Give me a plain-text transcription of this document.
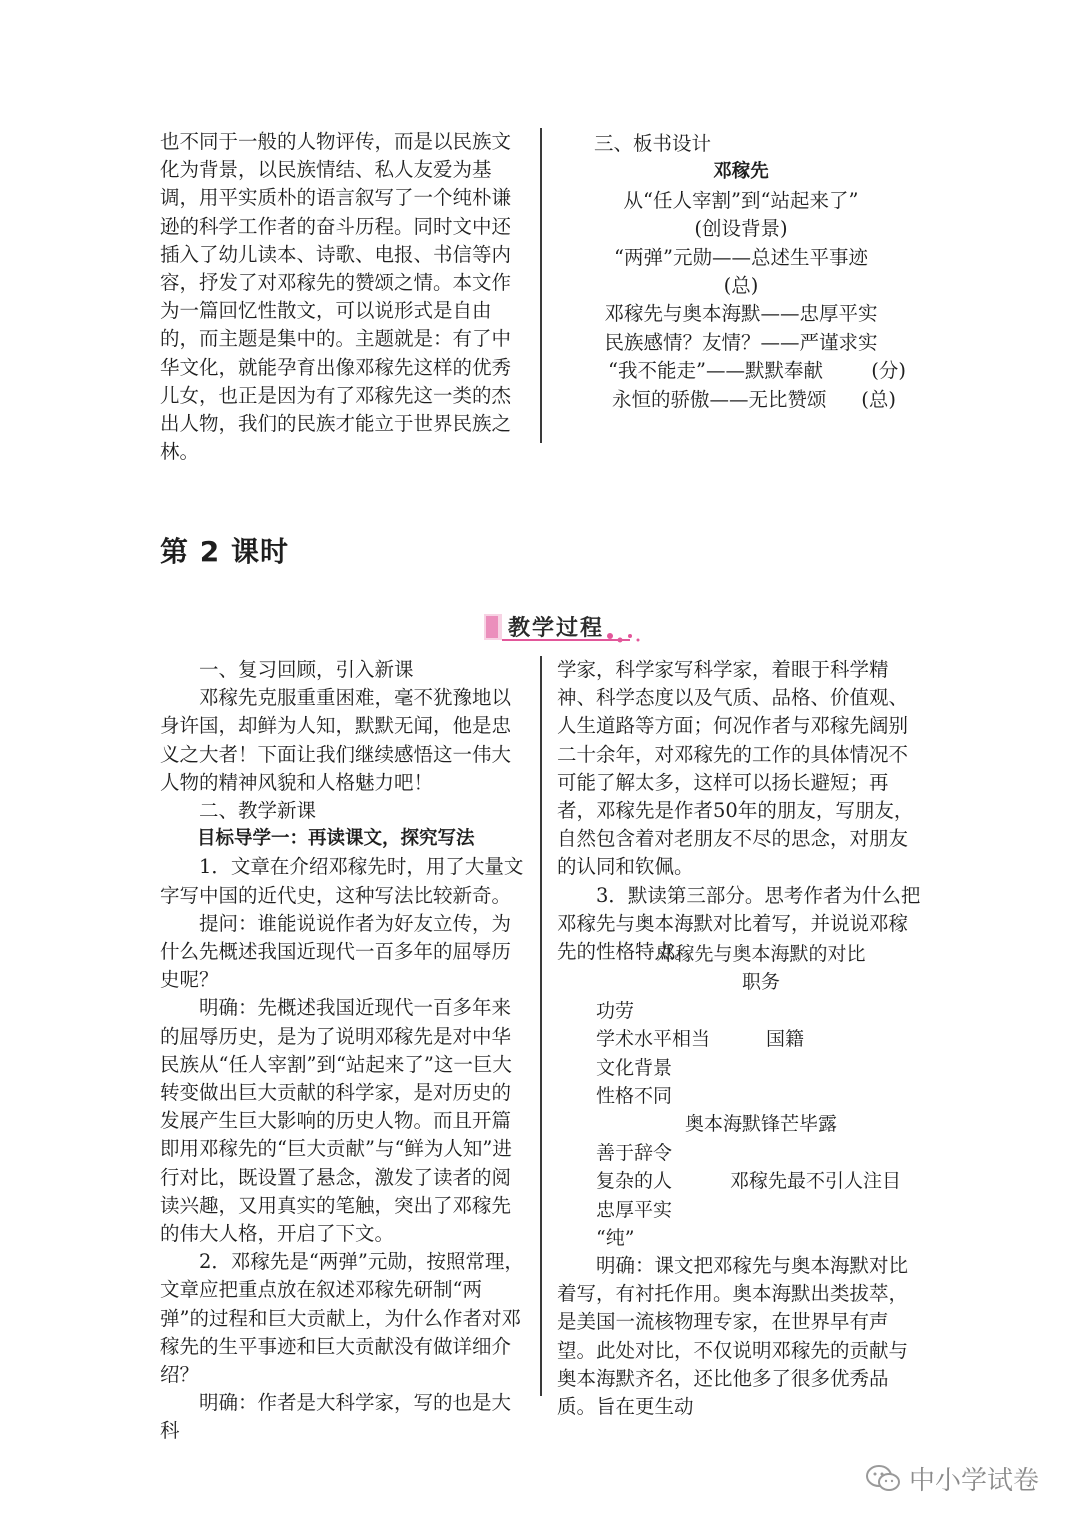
也不同于一般的人物评传，而是以民族文化为背景，以民族情结、私人友爱为基调，用平实质朴的语言叙写了一个纯朴谦逊的科学工作者的奋斗历程。同时文中还插入了幼儿读本、诗歌、电报、书信等内容，抒发了对邓稼先的赞颂之情。本文作为一篇回忆性散文，可以说形式是自由的，而主题是集中的。主题就是：有了中华文化，就能孕育出像邓稼先这样的优秀儿女，也正是因为有了邓稼先这一类的杰出人物，我们的民族才能立于世界民族之林。

三、板书设计

邓稼先

从“任人宰割”到“站起来了”

(创设背景)

“两弹”元勋——总述生平事迹

(总)

邓稼先与奥本海默——忠厚平实

民族感情？友情？——严谨求实

“我不能走”——默默奉献 (分)
永恒的骄傲——无比赞颂 (总)
第 2 课时
教学过程

一、复习回顾，引入新课

邓稼先克服重重困难，毫不犹豫地以身许国，却鲜为人知，默默无闻，他是忠义之大者！下面让我们继续感悟这一伟大人物的精神风貌和人格魅力吧！

二、教学新课

目标导学一：再读课文，探究写法

1．文章在介绍邓稼先时，用了大量文字写中国的近代史，这种写法比较新奇。

提问：谁能说说作者为好友立传，为什么先概述我国近现代一百多年的屈辱历史呢？

明确：先概述我国近现代一百多年来的屈辱历史，是为了说明邓稼先是对中华民族从“任人宰割”到“站起来了”这一巨大转变做出巨大贡献的科学家，是对历史的发展产生巨大影响的历史人物。而且开篇即用邓稼先的“巨大贡献”与“鲜为人知”进行对比，既设置了悬念，激发了读者的阅读兴趣，又用真实的笔触，突出了邓稼先的伟大人格，开启了下文。

2．邓稼先是“两弹”元勋，按照常理，文章应把重点放在叙述邓稼先研制“两弹”的过程和巨大贡献上，为什么作者对邓稼先的生平事迹和巨大贡献没有做详细介绍？

明确：作者是大科学家，写的也是大科

学家，科学家写科学家，着眼于科学精神、科学态度以及气质、品格、价值观、人生道路等方面；何况作者与邓稼先阔别二十余年，对邓稼先的工作的具体情况不可能了解太多，这样可以扬长避短；再者，邓稼先是作者50年的朋友，写朋友，自然包含着对老朋友不尽的思念，对朋友的认同和钦佩。

3．默读第三部分。思考作者为什么把邓稼先与奥本海默对比着写，并说说邓稼先的性格特点。

邓稼先与奥本海默的对比

职务

功劳

学术水平相当	国籍

文化背景

性格不同

奥本海默锋芒毕露

善于辞令

复杂的人	邓稼先最不引人注目

忠厚平实

“纯”

明确：课文把邓稼先与奥本海默对比着写，有衬托作用。奥本海默出类拔萃，是美国一流核物理专家，在世界早有声望。此处对比，不仅说明邓稼先的贡献与奥本海默齐名，还比他多了很多优秀品质。旨在更生动

中小学试卷
